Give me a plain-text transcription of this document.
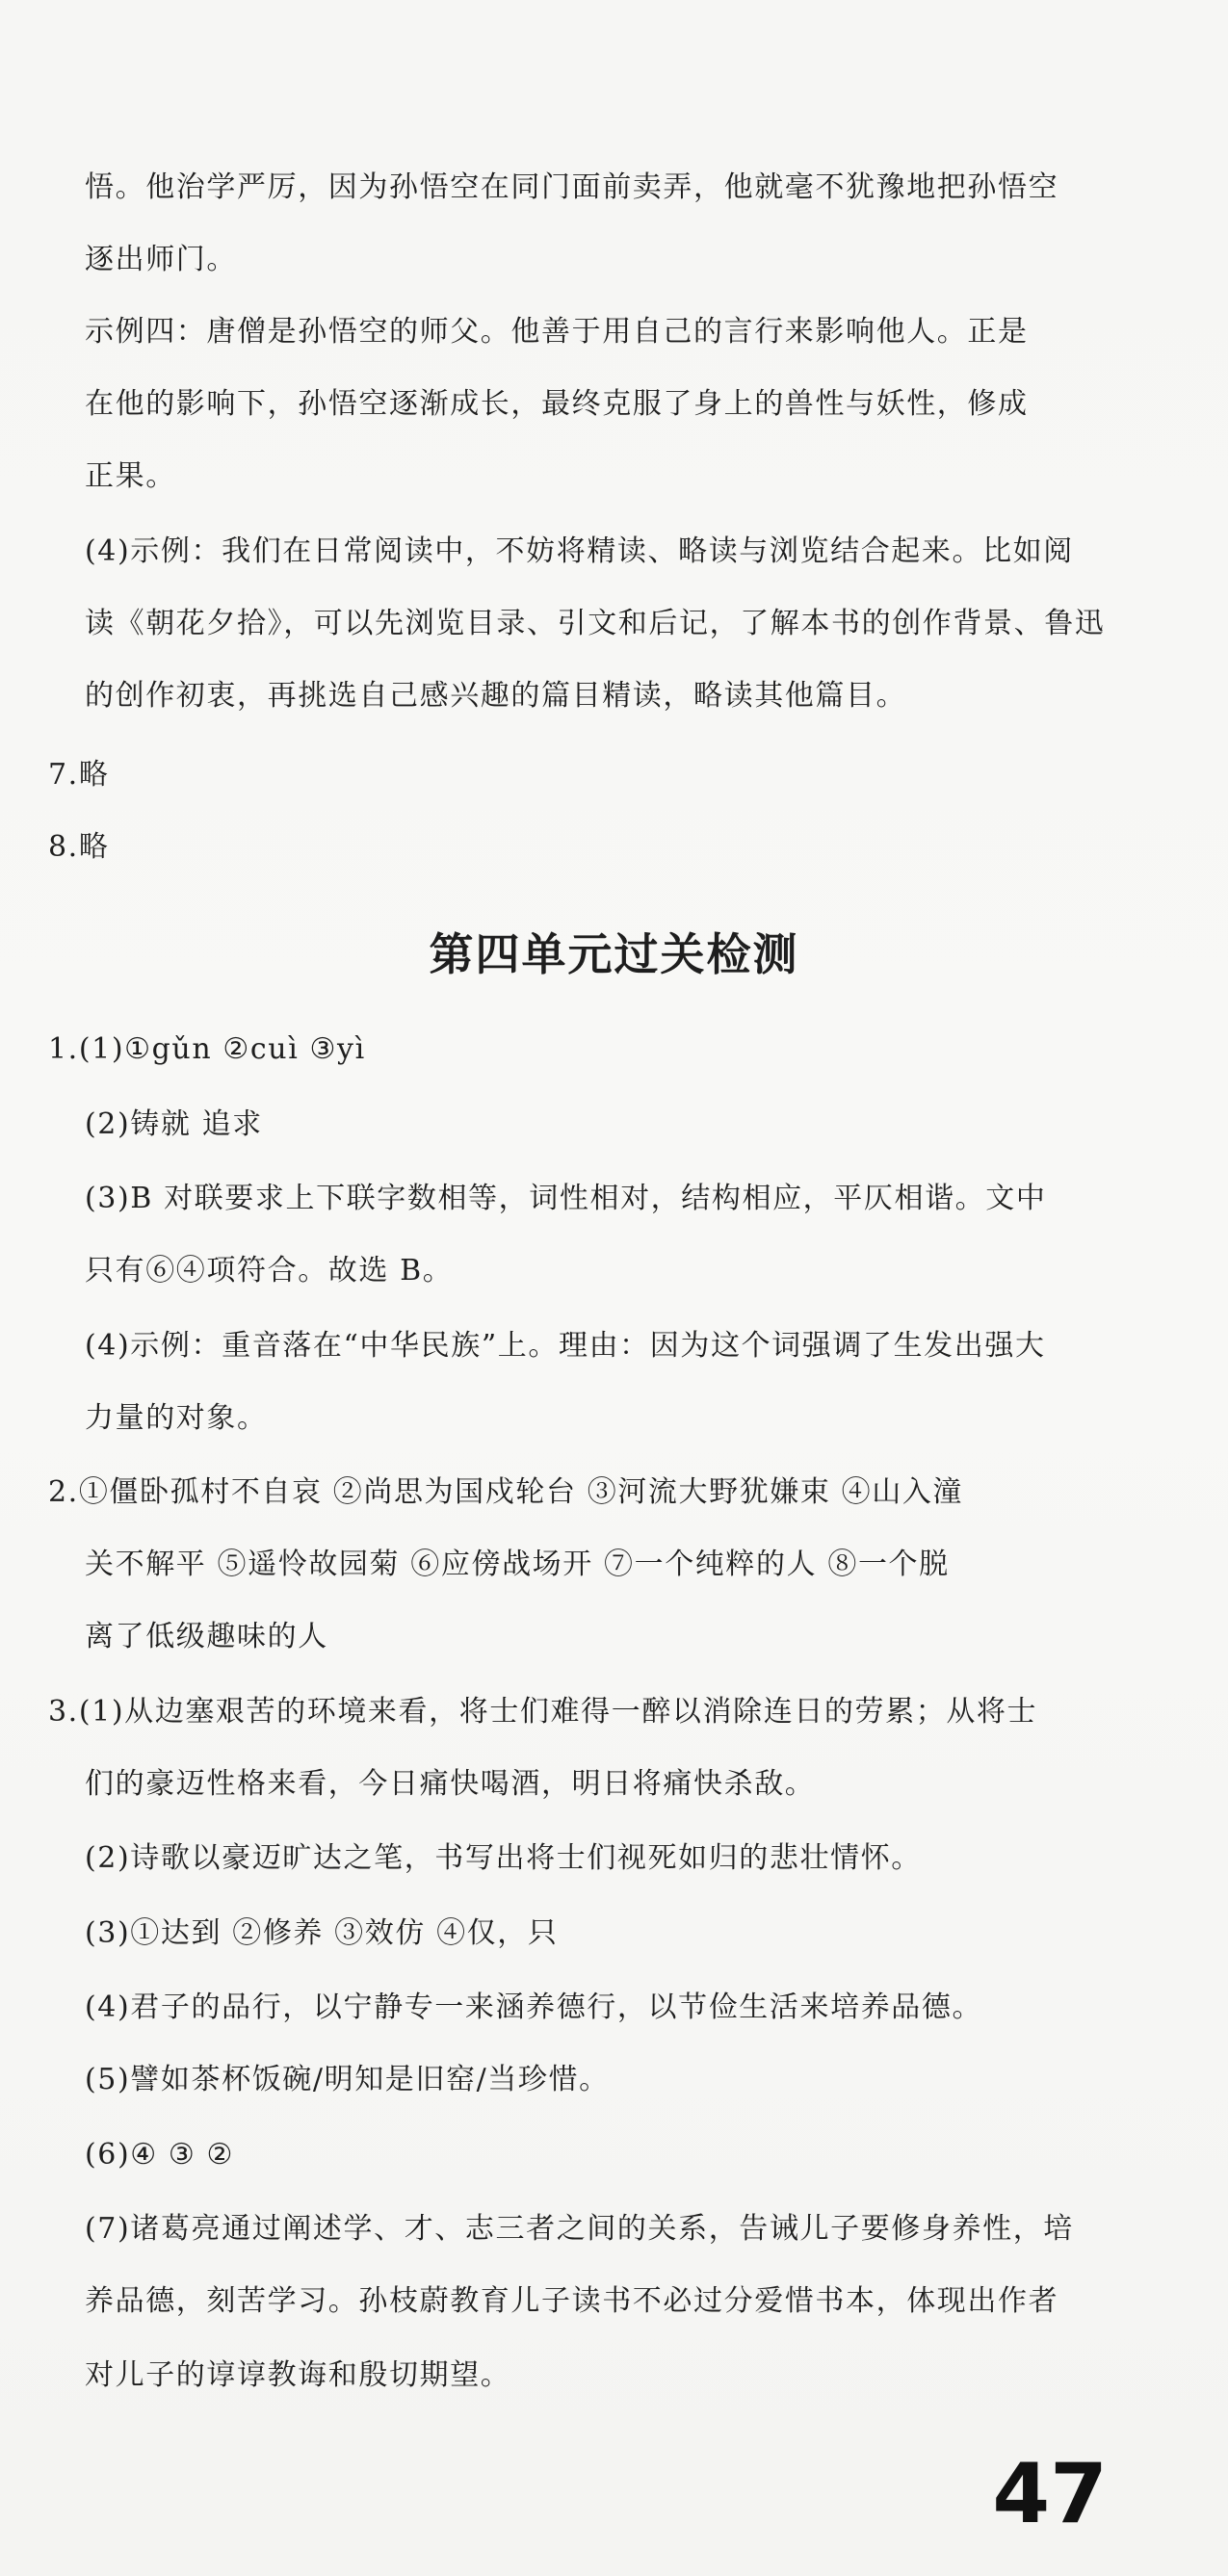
悟。他治学严厉，因为孙悟空在同门面前卖弄，他就毫不犹豫地把孙悟空
逐出师门。
示例四：唐僧是孙悟空的师父。他善于用自己的言行来影响他人。正是
在他的影响下，孙悟空逐渐成长，最终克服了身上的兽性与妖性，修成
正果。
(4)示例：我们在日常阅读中，不妨将精读、略读与浏览结合起来。比如阅
读《朝花夕拾》，可以先浏览目录、引文和后记，了解本书的创作背景、鲁迅
的创作初衷，再挑选自己感兴趣的篇目精读，略读其他篇目。
7.略
8.略
第四单元过关检测
1.(1)①gǔn ②cuì ③yì
(2)铸就 追求
(3)B 对联要求上下联字数相等，词性相对，结构相应，平仄相谐。文中
只有⑥④项符合。故选 B。
(4)示例：重音落在“中华民族”上。理由：因为这个词强调了生发出强大
力量的对象。
2.①僵卧孤村不自哀 ②尚思为国戍轮台 ③河流大野犹嫌束 ④山入潼
关不解平 ⑤遥怜故园菊 ⑥应傍战场开 ⑦一个纯粹的人 ⑧一个脱
离了低级趣味的人
3.(1)从边塞艰苦的环境来看，将士们难得一醉以消除连日的劳累；从将士
们的豪迈性格来看，今日痛快喝酒，明日将痛快杀敌。
(2)诗歌以豪迈旷达之笔，书写出将士们视死如归的悲壮情怀。
(3)①达到 ②修养 ③效仿 ④仅，只
(4)君子的品行，以宁静专一来涵养德行，以节俭生活来培养品德。
(5)譬如茶杯饭碗/明知是旧窑/当珍惜。
(6)④ ③ ②
(7)诸葛亮通过阐述学、才、志三者之间的关系，告诫儿子要修身养性，培
养品德，刻苦学习。孙枝蔚教育儿子读书不必过分爱惜书本，体现出作者
对儿子的谆谆教诲和殷切期望。
47
